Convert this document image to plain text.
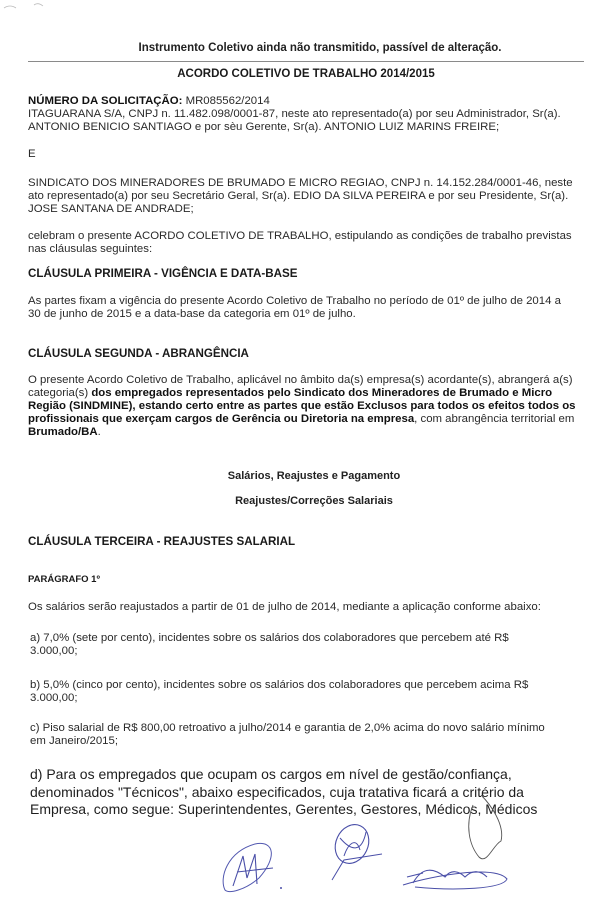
Instrumento Coletivo ainda não transmitido, passível de alteração.
ACORDO COLETIVO DE TRABALHO 2014/2015
NÚMERO DA SOLICITAÇÃO: MR085562/2014
ITAGUARANA S/A, CNPJ n. 11.482.098/0001-87, neste ato representado(a) por seu Administrador, Sr(a).
ANTONIO BENICIO SANTIAGO e por sèu Gerente, Sr(a). ANTONIO LUIZ MARINS FREIRE;
E
SINDICATO DOS MINERADORES DE BRUMADO E MICRO REGIAO, CNPJ n. 14.152.284/0001-46, neste
ato representado(a) por seu Secretário Geral, Sr(a). EDIO DA SILVA PEREIRA e por seu Presidente, Sr(a).
JOSE SANTANA DE ANDRADE;
celebram o presente ACORDO COLETIVO DE TRABALHO, estipulando as condições de trabalho previstas
nas cláusulas seguintes:
CLÁUSULA PRIMEIRA - VIGÊNCIA E DATA-BASE
As partes fixam a vigência do presente Acordo Coletivo de Trabalho no período de 01º de julho de 2014 a
30 de junho de 2015 e a data-base da categoria em 01º de julho.
CLÁUSULA SEGUNDA - ABRANGÊNCIA
O presente Acordo Coletivo de Trabalho, aplicável no âmbito da(s) empresa(s) acordante(s), abrangerá a(s)
categoria(s) dos empregados representados pelo Sindicato dos Mineradores de Brumado e Micro
Região (SINDMINE), estando certo entre as partes que estão Exclusos para todos os efeitos todos os
profissionais que exerçam cargos de Gerência ou Diretoria na empresa, com abrangência territorial em
Brumado/BA.
Salários, Reajustes e Pagamento
Reajustes/Correções Salariais
CLÁUSULA TERCEIRA - REAJUSTES SALARIAL
PARÁGRAFO 1º
Os salários serão reajustados a partir de 01 de julho de 2014, mediante a aplicação conforme abaixo:
a) 7,0% (sete por cento), incidentes sobre os salários dos colaboradores que percebem até R$
3.000,00;
b) 5,0% (cinco por cento), incidentes sobre os salários dos colaboradores que percebem acima R$
3.000,00;
c) Piso salarial de R$ 800,00 retroativo a julho/2014 e garantia de 2,0% acima do novo salário mínimo
em Janeiro/2015;
d) Para os empregados que ocupam os cargos em nível de gestão/confiança,
denominados "Técnicos", abaixo especificados, cuja tratativa ficará a critério da
Empresa, como segue: Superintendentes, Gerentes, Gestores, Médicos, Médicos
